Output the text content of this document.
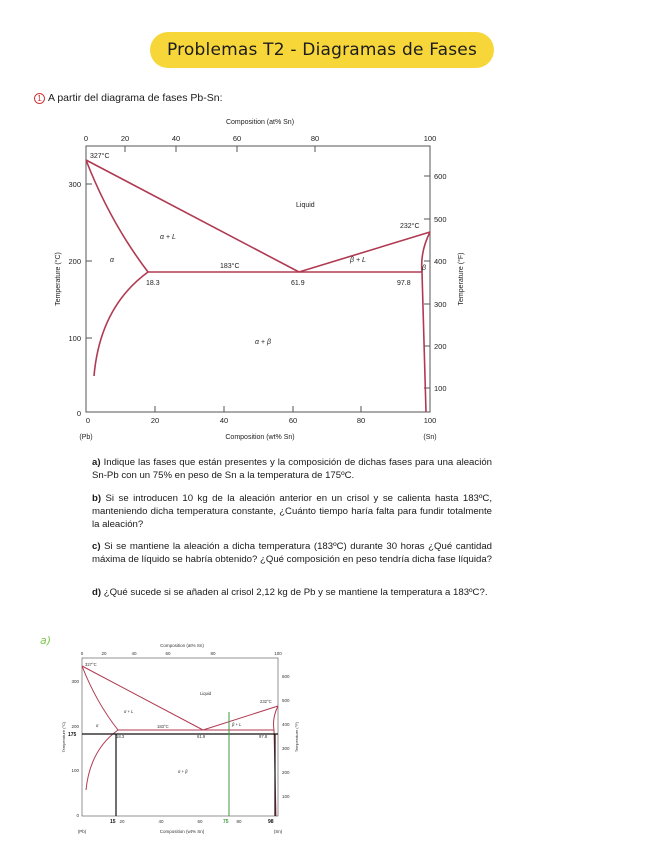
Problemas T2 - Diagramas de Fases
1 A partir del diagrama de fases Pb-Sn:
Composition (at% Sn)
0	20	40	60	80	100
300
200
100
0
Temperature (°C)
600
500
400
300
200
100
Temperature (°F)
0	20	40	60	80	100
(Pb)	(Sn)
Composition (wt% Sn)
327°C
232°C
183°C
18.3	61.9	97.8
Liquid
α + L
β + L
α
β
α + β

a) Indique las fases que están presentes y la composición de dichas fases para una aleación Sn-Pb con un 75% en peso de Sn a la temperatura de 175ºC.

b) Si se introducen 10 kg de la aleación anterior en un crisol y se calienta hasta 183ºC, manteniendo dicha temperatura constante, ¿Cuánto tiempo haría falta para fundir totalmente la aleación?

c) Si se mantiene la aleación a dicha temperatura (183ºC) durante 30 horas ¿Qué cantidad máxima de líquido se habría obtenido? ¿Qué composición en peso tendría dicha fase líquida?

d) ¿Qué sucede si se añaden al crisol 2,12 kg de Pb y se mantiene la temperatura a 183ºC?.

a)	Composition (at% Sn)
0	20	40	60	80	100
20	40	60	80
(Pb)	(Sn)
Composition (wt% Sn)
300
200
100
0
600
500
400
300
200
100
Temperature (°C)	Temperature (°F)
327°C
232°C
183°C
18.3	61.9	97.8
Liquid
α + L
β + L
α
α + β
175
15	75	98
